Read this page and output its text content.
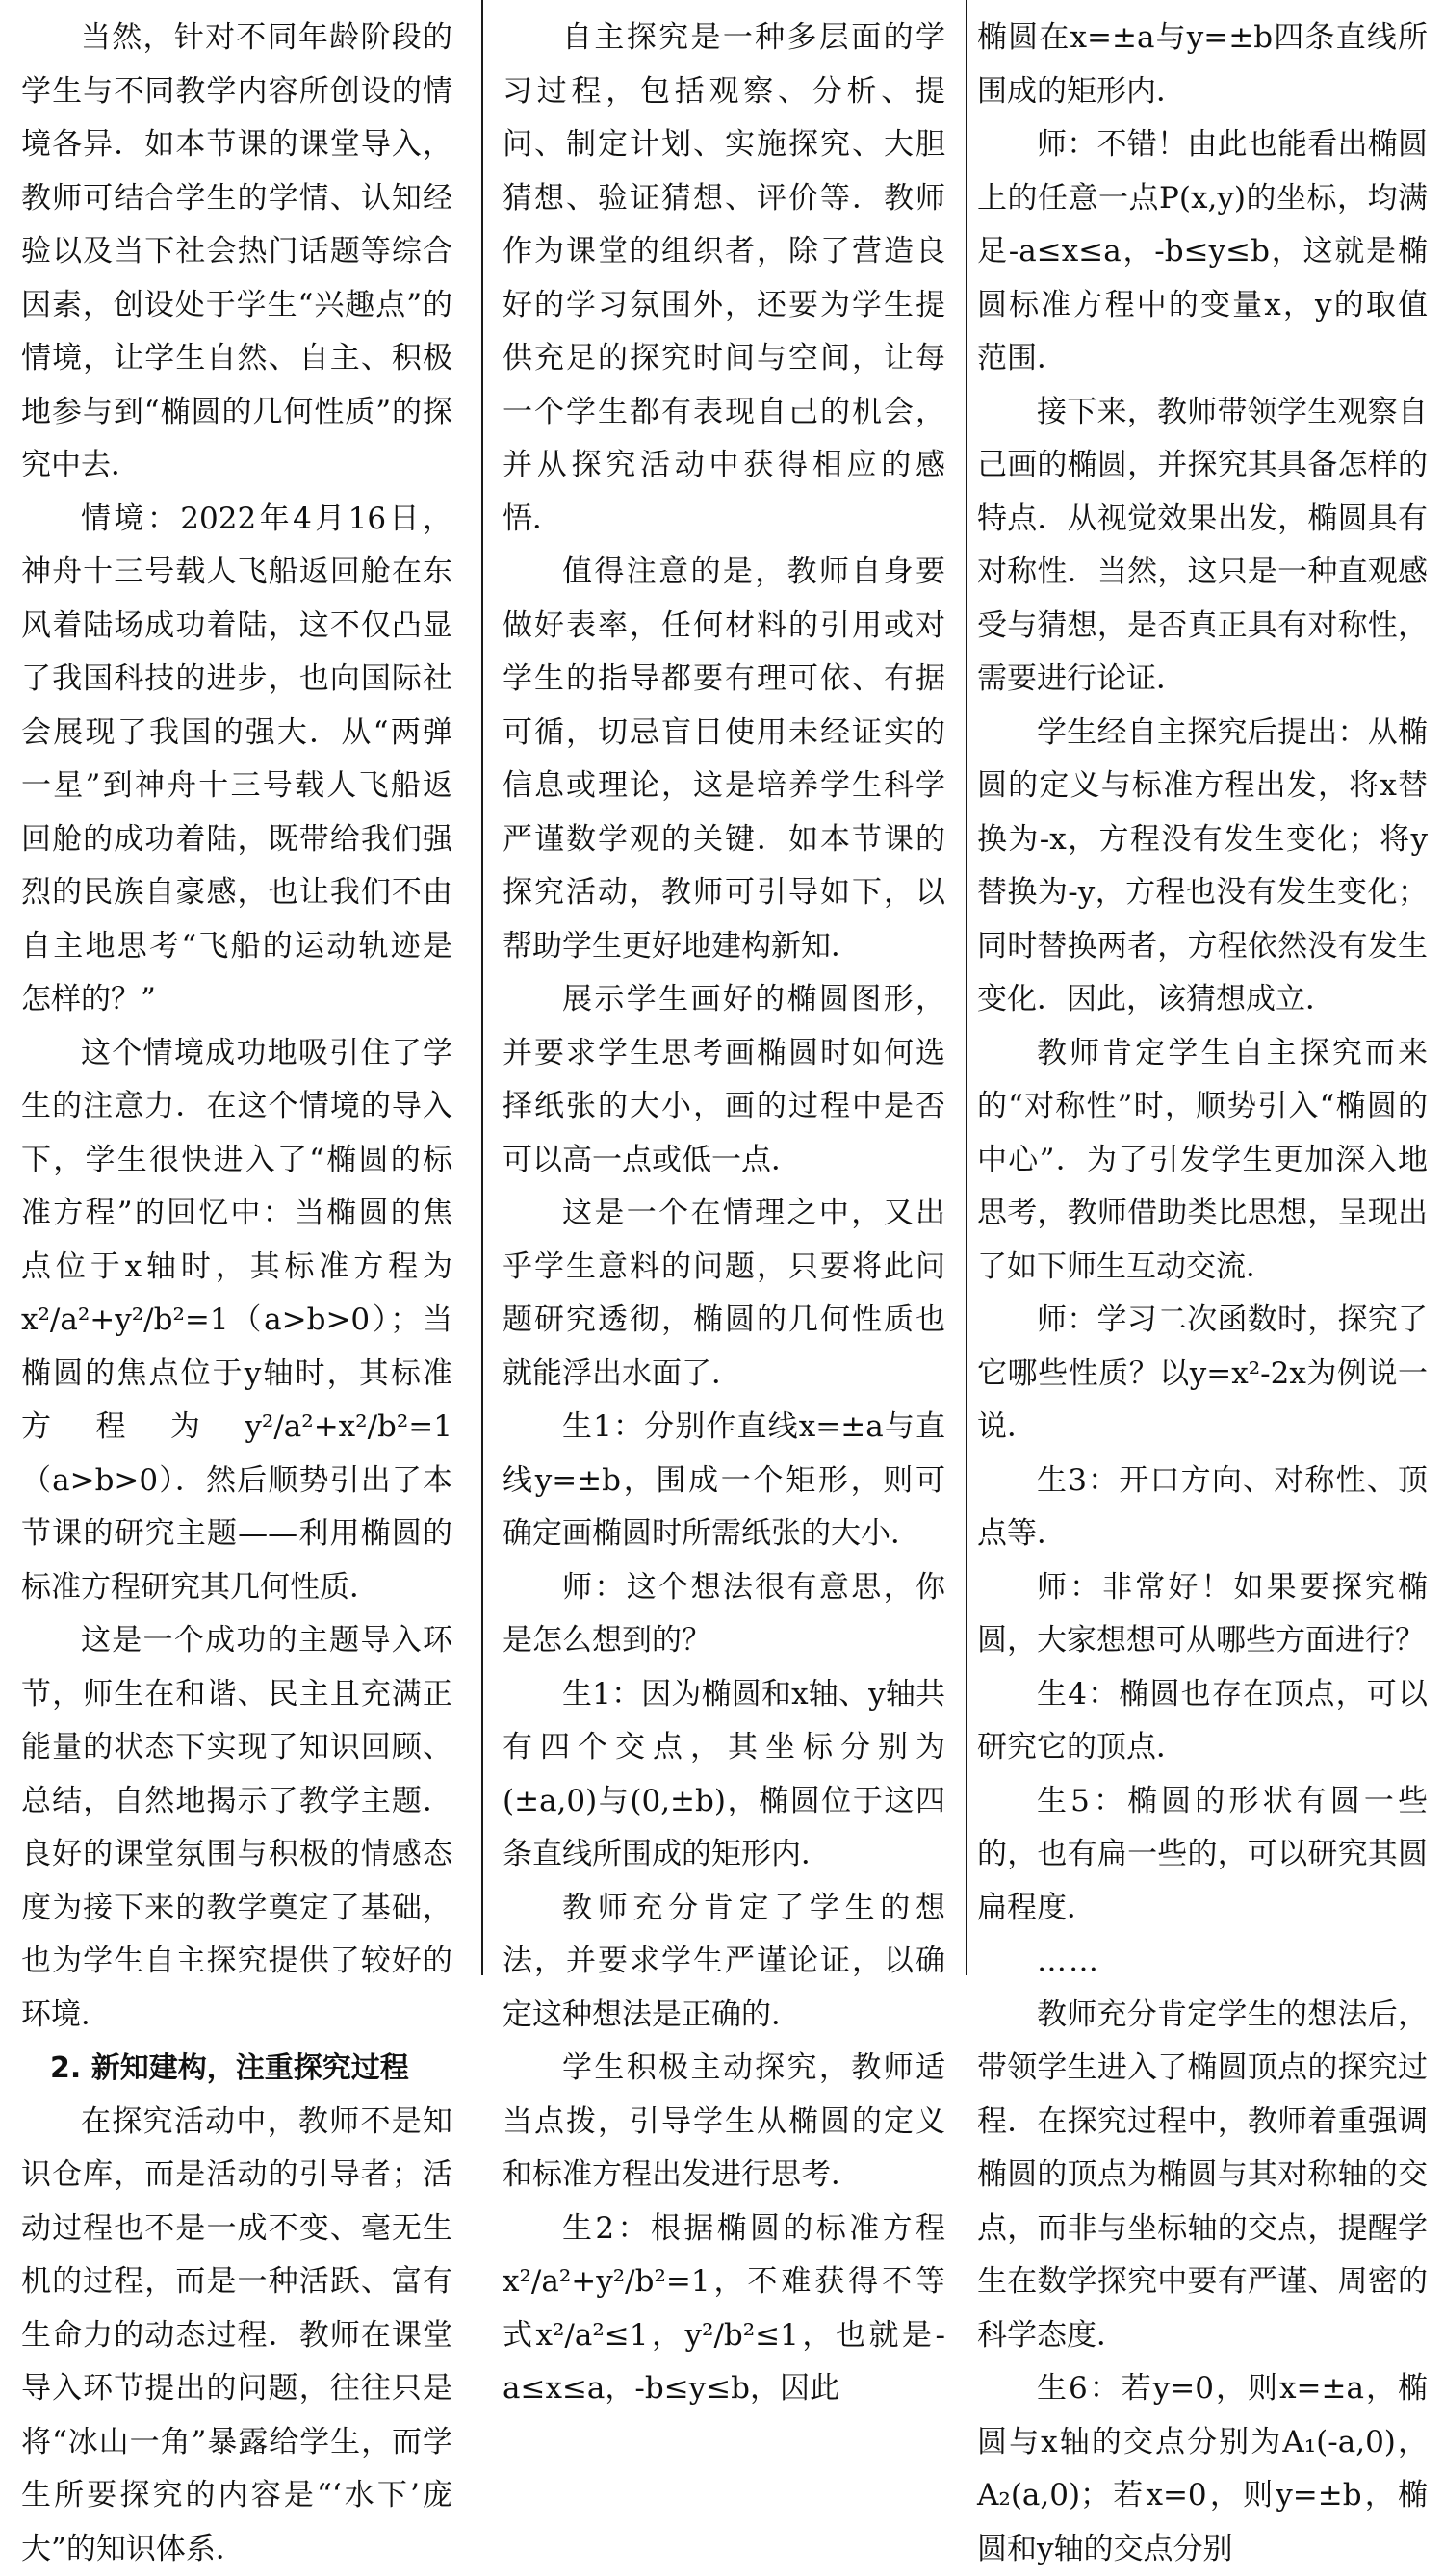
当然，针对不同年龄阶段的学生与不同教学内容所创设的情境各异．如本节课的课堂导入，教师可结合学生的学情、认知经验以及当下社会热门话题等综合因素，创设处于学生“兴趣点”的情境，让学生自然、自主、积极地参与到“椭圆的几何性质”的探究中去．

情境：2022年4月16日，神舟十三号载人飞船返回舱在东风着陆场成功着陆，这不仅凸显了我国科技的进步，也向国际社会展现了我国的强大．从“两弹一星”到神舟十三号载人飞船返回舱的成功着陆，既带给我们强烈的民族自豪感，也让我们不由自主地思考“飞船的运动轨迹是怎样的？”

这个情境成功地吸引住了学生的注意力．在这个情境的导入下，学生很快进入了“椭圆的标准方程”的回忆中：当椭圆的焦点位于x轴时，其标准方程为x²/a²+y²/b²=1（a>b>0）；当椭圆的焦点位于y轴时，其标准方程为y²/a²+x²/b²=1（a>b>0）．然后顺势引出了本节课的研究主题——利用椭圆的标准方程研究其几何性质．

这是一个成功的主题导入环节，师生在和谐、民主且充满正能量的状态下实现了知识回顾、总结，自然地揭示了教学主题．良好的课堂氛围与积极的情感态度为接下来的教学奠定了基础，也为学生自主探究提供了较好的环境．

2. 新知建构，注重探究过程

在探究活动中，教师不是知识仓库，而是活动的引导者；活动过程也不是一成不变、毫无生机的过程，而是一种活跃、富有生命力的动态过程．教师在课堂导入环节提出的问题，往往只是将“冰山一角”暴露给学生，而学生所要探究的内容是“‘水下’庞大”的知识体系．

自主探究是一种多层面的学习过程，包括观察、分析、提问、制定计划、实施探究、大胆猜想、验证猜想、评价等．教师作为课堂的组织者，除了营造良好的学习氛围外，还要为学生提供充足的探究时间与空间，让每一个学生都有表现自己的机会，并从探究活动中获得相应的感悟．

值得注意的是，教师自身要做好表率，任何材料的引用或对学生的指导都要有理可依、有据可循，切忌盲目使用未经证实的信息或理论，这是培养学生科学严谨数学观的关键．如本节课的探究活动，教师可引导如下，以帮助学生更好地建构新知．

展示学生画好的椭圆图形，并要求学生思考画椭圆时如何选择纸张的大小，画的过程中是否可以高一点或低一点．

这是一个在情理之中，又出乎学生意料的问题，只要将此问题研究透彻，椭圆的几何性质也就能浮出水面了．

生1：分别作直线x=±a与直线y=±b，围成一个矩形，则可确定画椭圆时所需纸张的大小．

师：这个想法很有意思，你是怎么想到的？

生1：因为椭圆和x轴、y轴共有四个交点，其坐标分别为(±a,0)与(0,±b)，椭圆位于这四条直线所围成的矩形内．

教师充分肯定了学生的想法，并要求学生严谨论证，以确定这种想法是正确的．

学生积极主动探究，教师适当点拨，引导学生从椭圆的定义和标准方程出发进行思考．

生2：根据椭圆的标准方程x²/a²+y²/b²=1，不难获得不等式x²/a²≤1，y²/b²≤1，也就是-a≤x≤a，-b≤y≤b，因此

椭圆在x=±a与y=±b四条直线所围成的矩形内．

师：不错！由此也能看出椭圆上的任意一点P(x,y)的坐标，均满足-a≤x≤a，-b≤y≤b，这就是椭圆标准方程中的变量x，y的取值范围．

接下来，教师带领学生观察自己画的椭圆，并探究其具备怎样的特点．从视觉效果出发，椭圆具有对称性．当然，这只是一种直观感受与猜想，是否真正具有对称性，需要进行论证．

学生经自主探究后提出：从椭圆的定义与标准方程出发，将x替换为-x，方程没有发生变化；将y替换为-y，方程也没有发生变化；同时替换两者，方程依然没有发生变化．因此，该猜想成立．

教师肯定学生自主探究而来的“对称性”时，顺势引入“椭圆的中心”．为了引发学生更加深入地思考，教师借助类比思想，呈现出了如下师生互动交流．

师：学习二次函数时，探究了它哪些性质？以y=x²-2x为例说一说．

生3：开口方向、对称性、顶点等．

师：非常好！如果要探究椭圆，大家想想可从哪些方面进行？

生4：椭圆也存在顶点，可以研究它的顶点．

生5：椭圆的形状有圆一些的，也有扁一些的，可以研究其圆扁程度．

……

教师充分肯定学生的想法后，带领学生进入了椭圆顶点的探究过程．在探究过程中，教师着重强调椭圆的顶点为椭圆与其对称轴的交点，而非与坐标轴的交点，提醒学生在数学探究中要有严谨、周密的科学态度．

生6：若y=0，则x=±a，椭圆与x轴的交点分别为A₁(-a,0)，A₂(a,0)；若x=0，则y=±b，椭圆和y轴的交点分别
